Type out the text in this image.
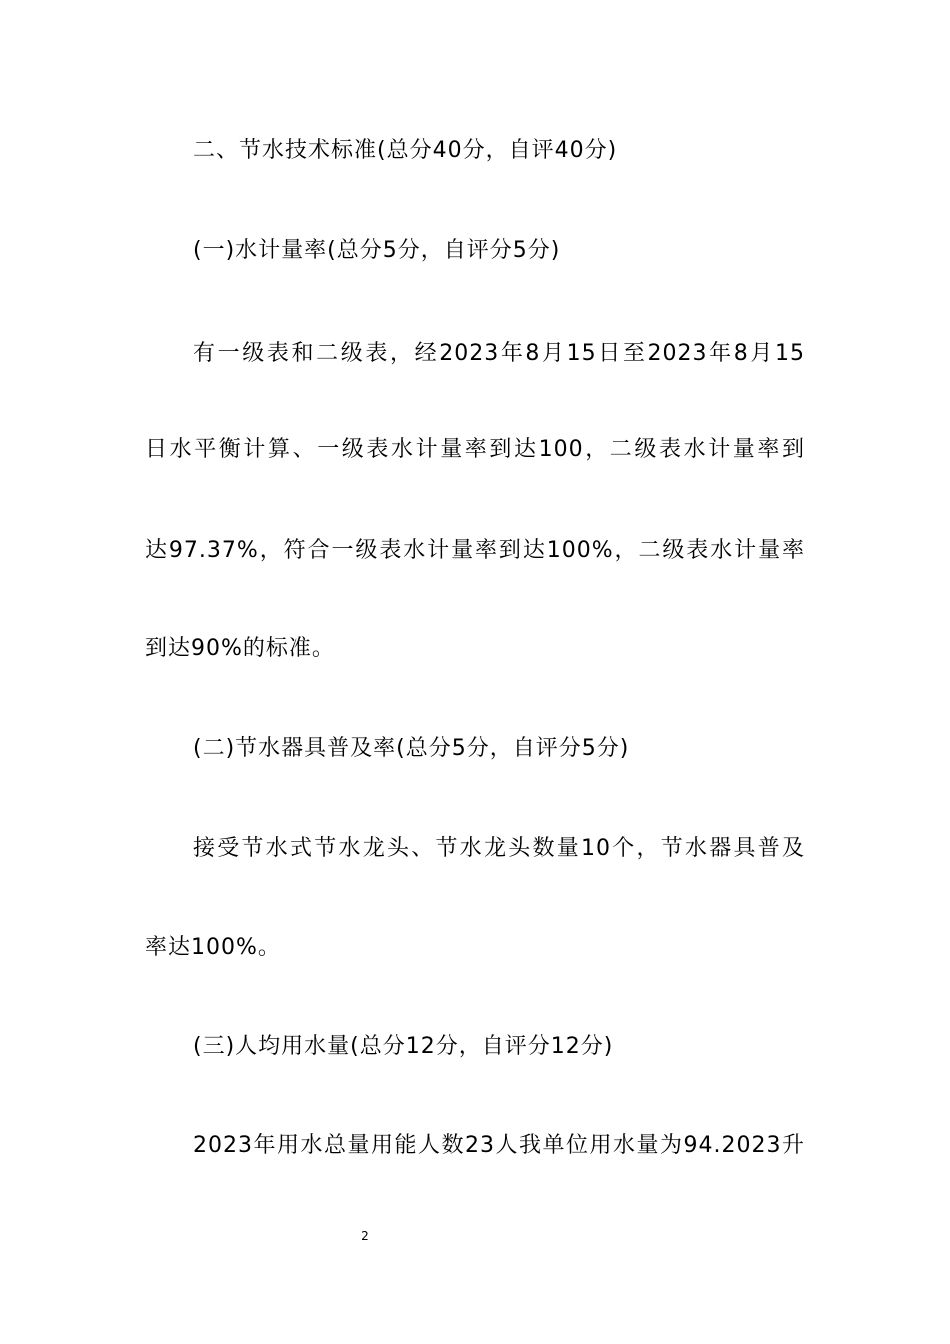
二、节水技术标准(总分40分，自评40分)
(一)水计量率(总分5分，自评分5分)
有一级表和二级表，经2023年8月15日至2023年8月15
日水平衡计算、一级表水计量率到达100，二级表水计量率到
达97.37%，符合一级表水计量率到达100%，二级表水计量率
到达90%的标准。
(二)节水器具普及率(总分5分，自评分5分)
接受节水式节水龙头、节水龙头数量10个，节水器具普及
率达100%。
(三)人均用水量(总分12分，自评分12分)
2023年用水总量用能人数23人我单位用水量为94.2023升
2
